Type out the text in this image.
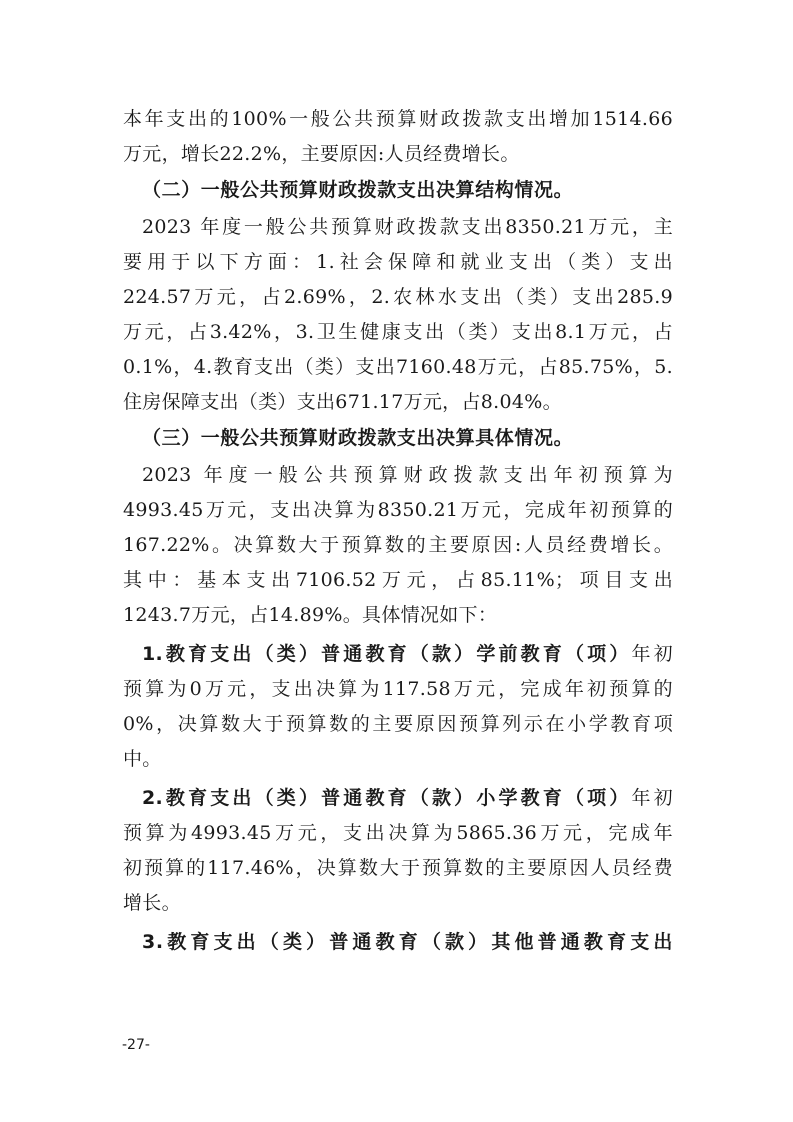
本年支出的100%一般公共预算财政拨款支出增加1514.66
万元，增长22.2%，主要原因:人员经费增长。
（二）一般公共预算财政拨款支出决算结构情况。
2023 年度一般公共预算财政拨款支出8350.21万元，主
要用于以下方面：1.社会保障和就业支出（类）支出
224.57万元，占2.69%，2.农林水支出（类）支出285.9
万元，占3.42%，3.卫生健康支出（类）支出8.1万元，占
0.1%，4.教育支出（类）支出7160.48万元，占85.75%，5.
住房保障支出（类）支出671.17万元，占8.04%。
（三）一般公共预算财政拨款支出决算具体情况。
2023 年度一般公共预算财政拨款支出年初预算为
4993.45万元，支出决算为8350.21万元，完成年初预算的
167.22%。决算数大于预算数的主要原因:人员经费增长。
其中：基本支出7106.52万元，占85.11%；项目支出
1243.7万元，占14.89%。具体情况如下：
1.教育支出（类）普通教育（款）学前教育（项）年初
预算为0万元，支出决算为117.58万元，完成年初预算的
0%，决算数大于预算数的主要原因预算列示在小学教育项
中。
2.教育支出（类）普通教育（款）小学教育（项）年初
预算为4993.45万元，支出决算为5865.36万元，完成年
初预算的117.46%，决算数大于预算数的主要原因人员经费
增长。
3.教育支出（类）普通教育（款）其他普通教育支出
-27-
